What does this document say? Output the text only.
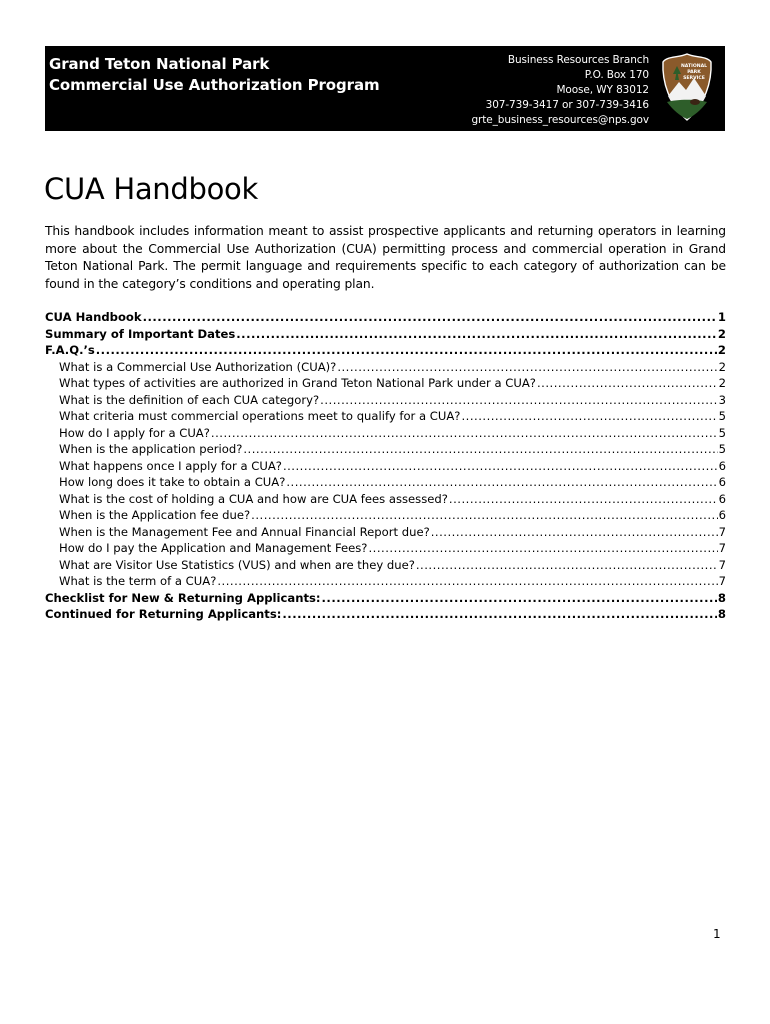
Grand Teton National Park
Commercial Use Authorization Program
Business Resources Branch
P.O. Box 170
Moose, WY 83012
307-739-3417 or 307-739-3416
grte_business_resources@nps.gov
NATIONAL
PARK
SERVICE
CUA Handbook

This handbook includes information meant to assist prospective applicants and returning operators in learning more about the Commercial Use Authorization (CUA) permitting process and commercial operation in Grand Teton National Park. The permit language and requirements specific to each category of authorization can be found in the category’s conditions and operating plan.

CUA Handbook .....	1
Summary of Important Dates .....	2
F.A.Q.’s .....	2
What is a Commercial Use Authorization (CUA)? .....	2
What types of activities are authorized in Grand Teton National Park under a CUA? .....	2
What is the definition of each CUA category? .....	3
What criteria must commercial operations meet to qualify for a CUA? .....	5
How do I apply for a CUA? .....	5
When is the application period? .....	5
What happens once I apply for a CUA? .....	6
How long does it take to obtain a CUA? .....	6
What is the cost of holding a CUA and how are CUA fees assessed? .....	6
When is the Application fee due? .....	6
When is the Management Fee and Annual Financial Report due? .....	7
How do I pay the Application and Management Fees? .....	7
What are Visitor Use Statistics (VUS) and when are they due? .....	7
What is the term of a CUA? .....	7
Checklist for New & Returning Applicants: .....	8
Continued for Returning Applicants: .....	8
1
